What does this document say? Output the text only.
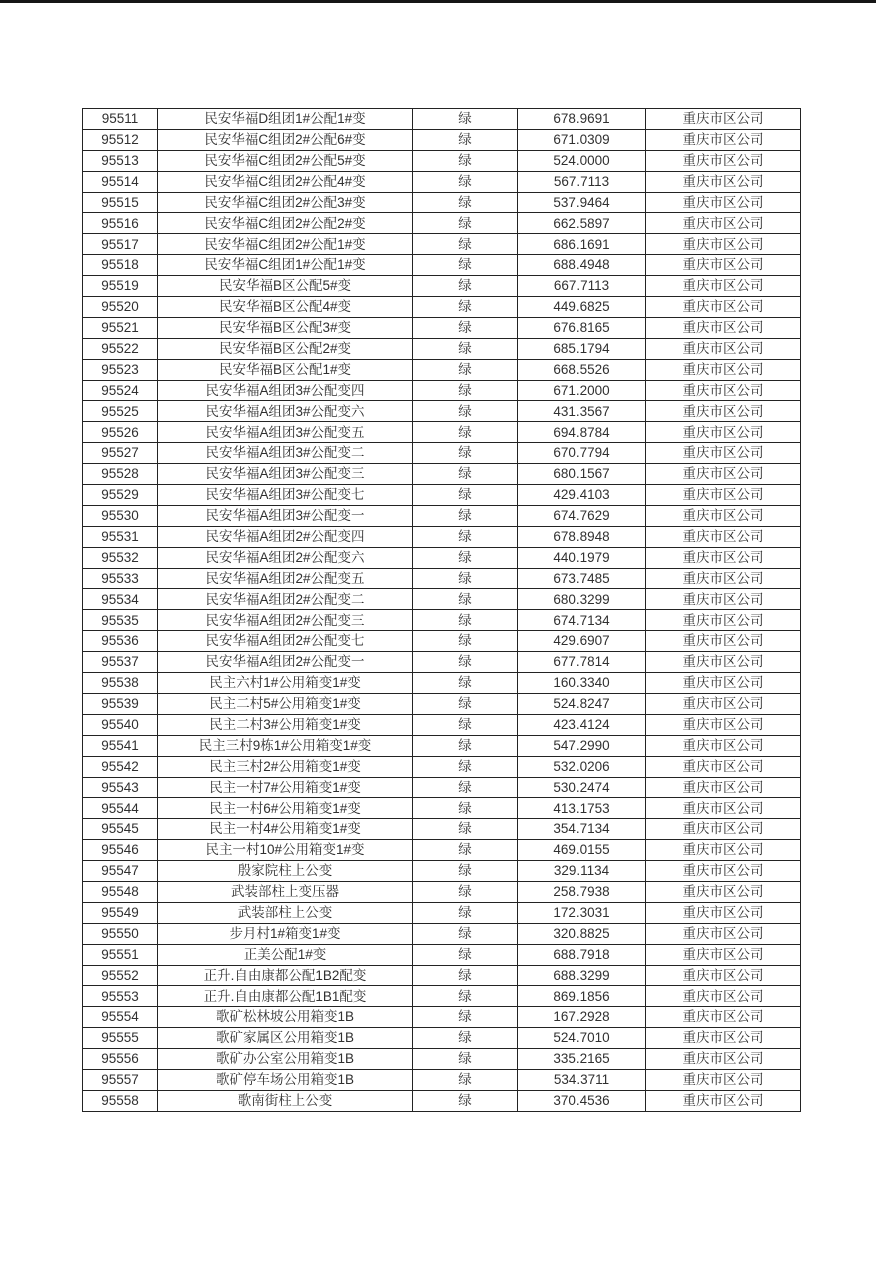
95511	民安华福D组团1#公配1#变	绿	678.9691	重庆市区公司
95512	民安华福C组团2#公配6#变	绿	671.0309	重庆市区公司
95513	民安华福C组团2#公配5#变	绿	524.0000	重庆市区公司
95514	民安华福C组团2#公配4#变	绿	567.7113	重庆市区公司
95515	民安华福C组团2#公配3#变	绿	537.9464	重庆市区公司
95516	民安华福C组团2#公配2#变	绿	662.5897	重庆市区公司
95517	民安华福C组团2#公配1#变	绿	686.1691	重庆市区公司
95518	民安华福C组团1#公配1#变	绿	688.4948	重庆市区公司
95519	民安华福B区公配5#变	绿	667.7113	重庆市区公司
95520	民安华福B区公配4#变	绿	449.6825	重庆市区公司
95521	民安华福B区公配3#变	绿	676.8165	重庆市区公司
95522	民安华福B区公配2#变	绿	685.1794	重庆市区公司
95523	民安华福B区公配1#变	绿	668.5526	重庆市区公司
95524	民安华福A组团3#公配变四	绿	671.2000	重庆市区公司
95525	民安华福A组团3#公配变六	绿	431.3567	重庆市区公司
95526	民安华福A组团3#公配变五	绿	694.8784	重庆市区公司
95527	民安华福A组团3#公配变二	绿	670.7794	重庆市区公司
95528	民安华福A组团3#公配变三	绿	680.1567	重庆市区公司
95529	民安华福A组团3#公配变七	绿	429.4103	重庆市区公司
95530	民安华福A组团3#公配变一	绿	674.7629	重庆市区公司
95531	民安华福A组团2#公配变四	绿	678.8948	重庆市区公司
95532	民安华福A组团2#公配变六	绿	440.1979	重庆市区公司
95533	民安华福A组团2#公配变五	绿	673.7485	重庆市区公司
95534	民安华福A组团2#公配变二	绿	680.3299	重庆市区公司
95535	民安华福A组团2#公配变三	绿	674.7134	重庆市区公司
95536	民安华福A组团2#公配变七	绿	429.6907	重庆市区公司
95537	民安华福A组团2#公配变一	绿	677.7814	重庆市区公司
95538	民主六村1#公用箱变1#变	绿	160.3340	重庆市区公司
95539	民主二村5#公用箱变1#变	绿	524.8247	重庆市区公司
95540	民主二村3#公用箱变1#变	绿	423.4124	重庆市区公司
95541	民主三村9栋1#公用箱变1#变	绿	547.2990	重庆市区公司
95542	民主三村2#公用箱变1#变	绿	532.0206	重庆市区公司
95543	民主一村7#公用箱变1#变	绿	530.2474	重庆市区公司
95544	民主一村6#公用箱变1#变	绿	413.1753	重庆市区公司
95545	民主一村4#公用箱变1#变	绿	354.7134	重庆市区公司
95546	民主一村10#公用箱变1#变	绿	469.0155	重庆市区公司
95547	殷家院柱上公变	绿	329.1134	重庆市区公司
95548	武装部柱上变压器	绿	258.7938	重庆市区公司
95549	武装部柱上公变	绿	172.3031	重庆市区公司
95550	步月村1#箱变1#变	绿	320.8825	重庆市区公司
95551	正美公配1#变	绿	688.7918	重庆市区公司
95552	正升.自由康都公配1B2配变	绿	688.3299	重庆市区公司
95553	正升.自由康都公配1B1配变	绿	869.1856	重庆市区公司
95554	歌矿松林坡公用箱变1B	绿	167.2928	重庆市区公司
95555	歌矿家属区公用箱变1B	绿	524.7010	重庆市区公司
95556	歌矿办公室公用箱变1B	绿	335.2165	重庆市区公司
95557	歌矿停车场公用箱变1B	绿	534.3711	重庆市区公司
95558	歌南街柱上公变	绿	370.4536	重庆市区公司
